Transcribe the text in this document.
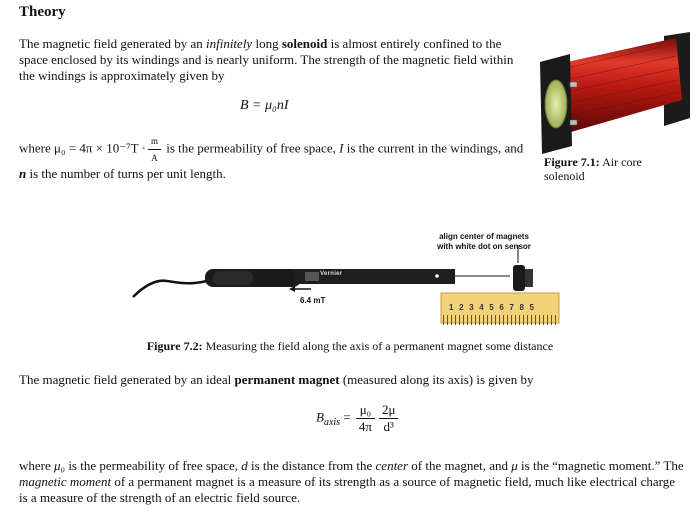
Theory
The magnetic field generated by an infinitely long solenoid is almost entirely confined to the space enclosed by its windings and is nearly uniform. The strength of the magnetic field within the windings is approximately given by
B = μ₀nI
where $\mu_0 = 4\pi \times 10^{-7}T \cdot \frac{m}{A}$ is the permeability of free space, I is the current in the windings, and n is the number of turns per unit length.
Figure 7.1: Air core solenoid
123456785
Vernier
align center of magnets
with white dot on sensor
6.4 mT
Figure 7.2: Measuring the field along the axis of a permanent magnet some distance
The magnetic field generated by an ideal permanent magnet (measured along its axis) is given by
$B_{axis} = \frac{\text{μ₀}}{4\pi} \frac{2\mu}{\text{d³}}$
where μ₀ is the permeability of free space, d is the distance from the center of the magnet, and μ is the “magnetic moment.” The magnetic moment of a permanent magnet is a measure of its strength as a source of magnetic field, much like electrical charge is a measure of the strength of an electric field source.
